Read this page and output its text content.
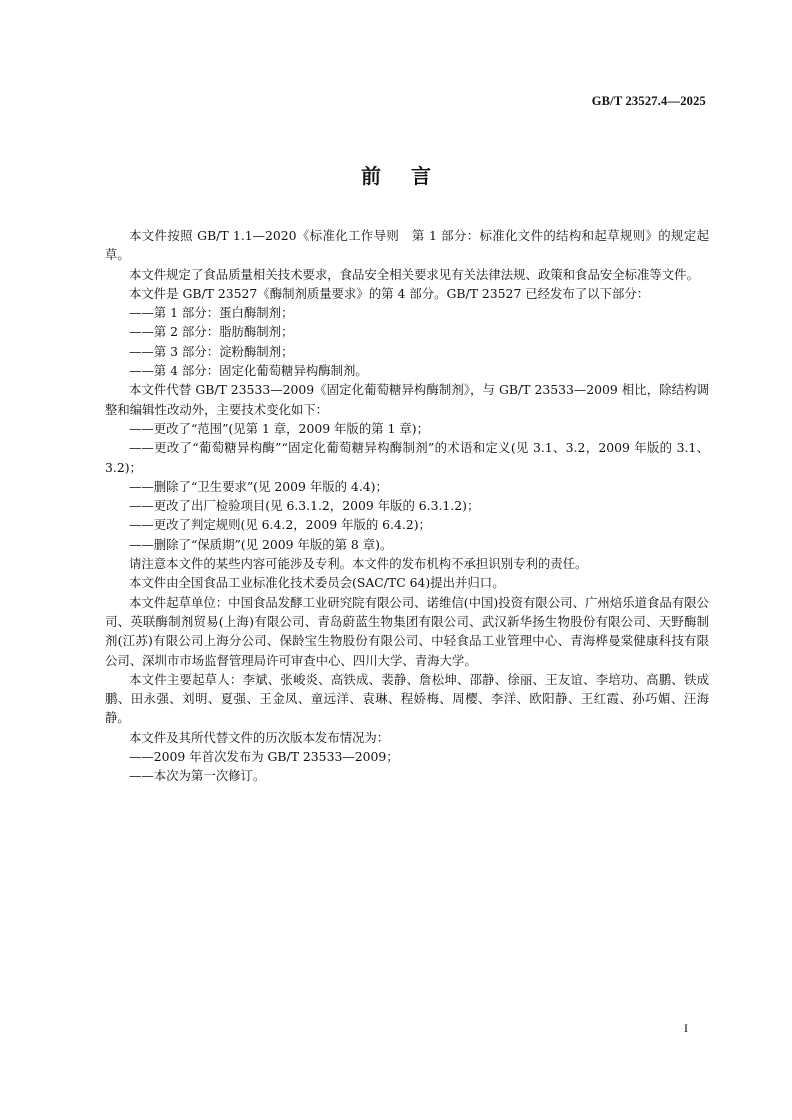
GB/T 23527.4—2025
前言

本文件按照 GB/T 1.1—2020《标准化工作导则　第 1 部分：标准化文件的结构和起草规则》的规定起草。

本文件规定了食品质量相关技术要求，食品安全相关要求见有关法律法规、政策和食品安全标准等文件。

本文件是 GB/T 23527《酶制剂质量要求》的第 4 部分。GB/T 23527 已经发布了以下部分：

——第 1 部分：蛋白酶制剂；

——第 2 部分：脂肪酶制剂；

——第 3 部分：淀粉酶制剂；

——第 4 部分：固定化葡萄糖异构酶制剂。

本文件代替 GB/T 23533—2009《固定化葡萄糖异构酶制剂》，与 GB/T 23533—2009 相比，除结构调整和编辑性改动外，主要技术变化如下：

——更改了“范围”(见第 1 章，2009 年版的第 1 章)；

——更改了“葡萄糖异构酶”“固定化葡萄糖异构酶制剂”的术语和定义(见 3.1、3.2，2009 年版的 3.1、3.2)；

——删除了“卫生要求”(见 2009 年版的 4.4)；

——更改了出厂检验项目(见 6.3.1.2，2009 年版的 6.3.1.2)；

——更改了判定规则(见 6.4.2，2009 年版的 6.4.2)；

——删除了“保质期”(见 2009 年版的第 8 章)。

请注意本文件的某些内容可能涉及专利。本文件的发布机构不承担识别专利的责任。

本文件由全国食品工业标准化技术委员会(SAC/TC 64)提出并归口。

本文件起草单位：中国食品发酵工业研究院有限公司、诺维信(中国)投资有限公司、广州焙乐道食品有限公司、英联酶制剂贸易(上海)有限公司、青岛蔚蓝生物集团有限公司、武汉新华扬生物股份有限公司、天野酶制剂(江苏)有限公司上海分公司、保龄宝生物股份有限公司、中轻食品工业管理中心、青海桦曼棠健康科技有限公司、深圳市市场监督管理局许可审查中心、四川大学、青海大学。

本文件主要起草人：李斌、张峻炎、高铁成、裴静、詹松坤、邵静、徐丽、王友谊、李培功、高鹏、铁成鹏、田永强、刘明、夏强、王金凤、童远洋、袁琳、程娇梅、周樱、李洋、欧阳静、王红霞、孙巧媚、汪海静。

本文件及其所代替文件的历次版本发布情况为：

——2009 年首次发布为 GB/T 23533—2009；

——本次为第一次修订。

I
